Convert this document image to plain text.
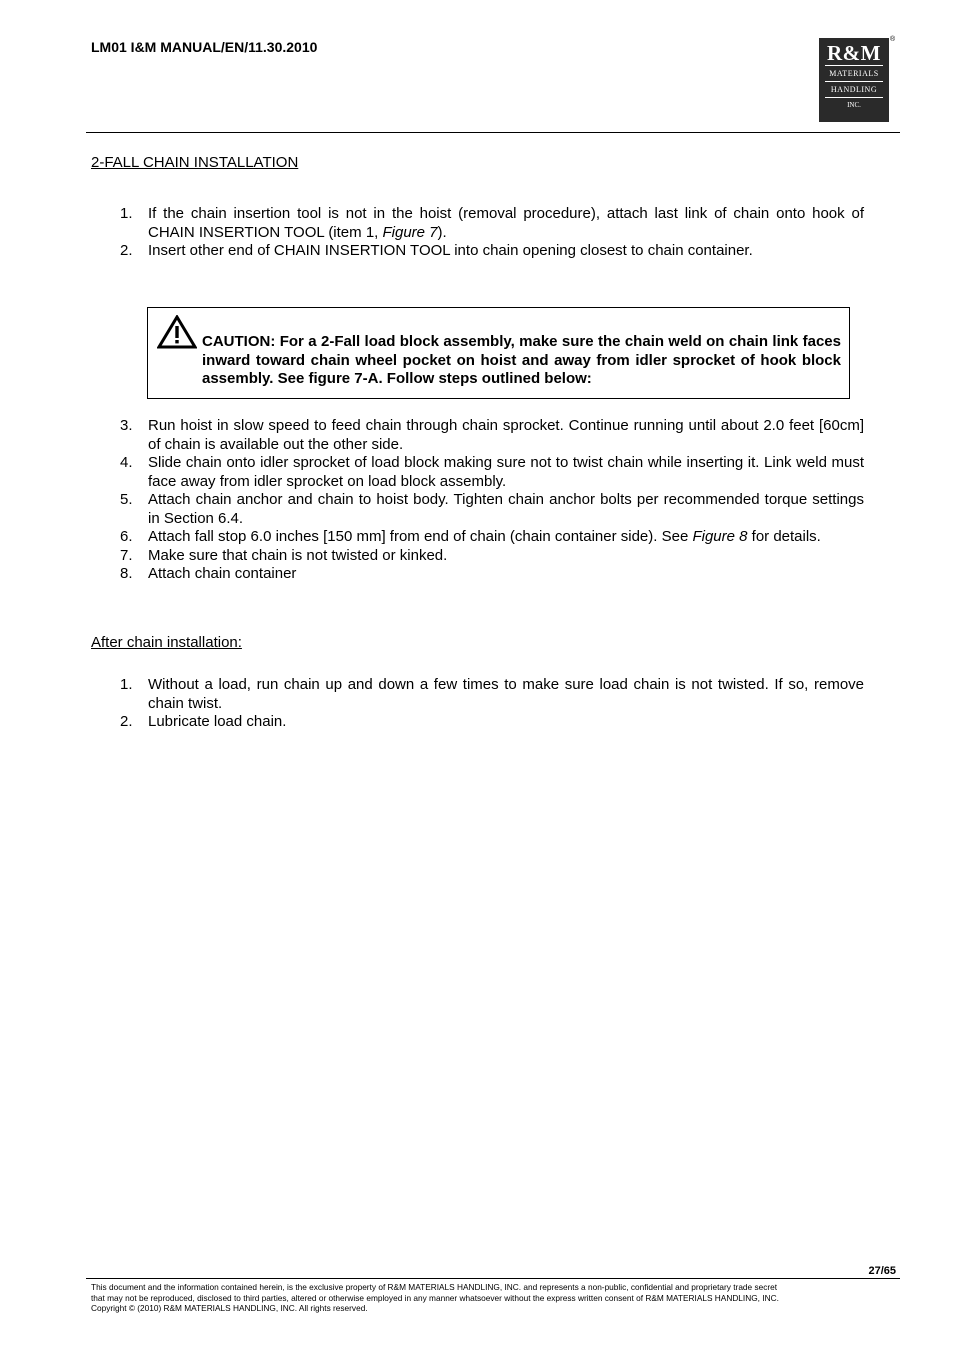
LM01 I&M MANUAL/EN/11.30.2010	R&M
MATERIALS
HANDLING
INC.
®
2-FALL CHAIN INSTALLATION
1.	If the chain insertion tool is not in the hoist (removal procedure), attach last link of chain onto hook of CHAIN INSERTION TOOL (item 1, Figure 7).
2.	Insert other end of CHAIN INSERTION TOOL into chain opening closest to chain container.
CAUTION: For a 2-Fall load block assembly, make sure the chain weld on chain link faces inward toward chain wheel pocket on hoist and away from idler sprocket of hook block assembly. See figure 7-A. Follow steps outlined below:
3.	Run hoist in slow speed to feed chain through chain sprocket. Continue running until about 2.0 feet [60cm] of chain is available out the other side.
4.	Slide chain onto idler sprocket of load block making sure not to twist chain while inserting it. Link weld must face away from idler sprocket on load block assembly.
5.	Attach chain anchor and chain to hoist body. Tighten chain anchor bolts per recommended torque settings in Section 6.4.
6.	Attach fall stop 6.0 inches [150 mm] from end of chain (chain container side). See Figure 8 for details.
7.	Make sure that chain is not twisted or kinked.
8.	Attach chain container
After chain installation:
1.	Without a load, run chain up and down a few times to make sure load chain is not twisted. If so, remove chain twist.
2.	Lubricate load chain.
27/65
This document and the information contained herein, is the exclusive property of R&M MATERIALS HANDLING, INC. and represents a non-public, confidential and proprietary trade secret
that may not be reproduced, disclosed to third parties, altered or otherwise employed in any manner whatsoever without the express written consent of R&M MATERIALS HANDLING, INC.
Copyright © (2010) R&M MATERIALS HANDLING, INC. All rights reserved.
